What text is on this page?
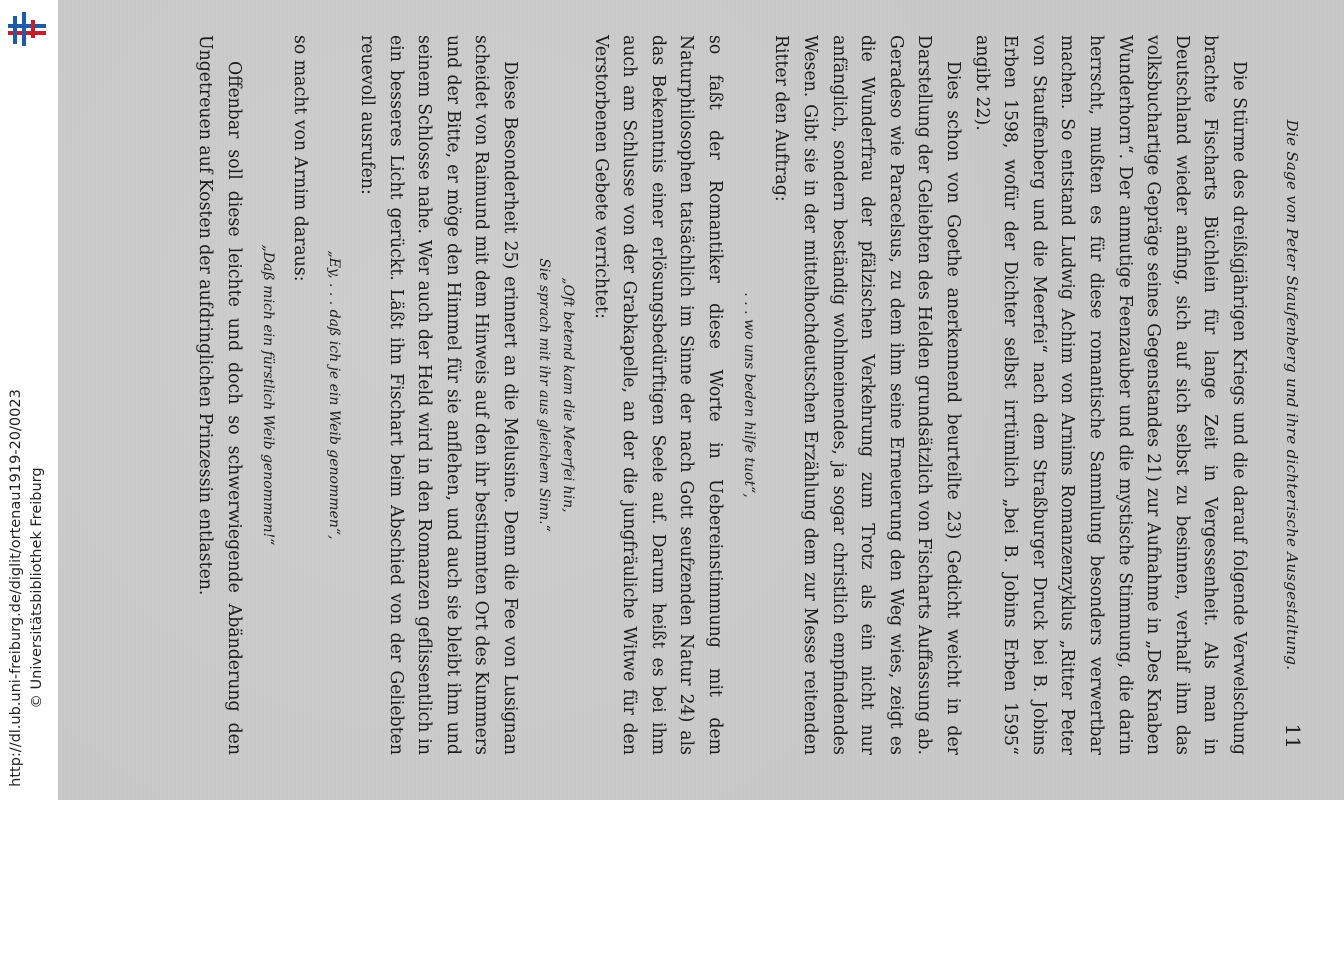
http://dl.ub.uni-freiburg.de/diglit/ortenau1919-20/0023 © Universitätsbibliothek Freiburg	Die Sage von Peter Staufenberg und ihre dichterische Ausgestaltung.
11

Die Stürme des dreißigjährigen Kriegs und die darauf folgende Verwelschung brachte Fischarts Büchlein für lange Zeit in Vergessenheit. Als man in Deutschland wieder anfing, sich auf sich selbst zu besinnen, verhalf ihm das volksbuchartige Gepräge seines Gegenstandes 21) zur Aufnahme in „Des Knaben Wunderhorn“. Der anmutige Feenzauber und die mystische Stimmung, die darin herrscht, mußten es für diese romantische Sammlung besonders verwertbar machen. So entstand Ludwig Achim von Arnims Romanzenzyklus „Ritter Peter von Stauffenberg und die Meerfei“ nach dem Straßburger Druck bei B. Jobins Erben 1598, wofür der Dichter selbst irrtümlich „bei B. Jobins Erben 1595“ angibt 22).

Dies schon von Goethe anerkennend beurteilte 23) Gedicht weicht in der Darstellung der Geliebten des Helden grundsätzlich von Fischarts Auffassung ab. Geradeso wie Paracelsus, zu dem ihm seine Erneuerung den Weg wies, zeigt es die Wunderfrau der pfälzischen Verkehrung zum Trotz als ein nicht nur anfänglich, sondern beständig wohlmeinendes, ja sogar christlich empfindendes Wesen. Gibt sie in der mittelhochdeutschen Erzählung dem zur Messe reitenden Ritter den Auftrag:

. . . wo uns beden hilfe tuot“,

so faßt der Romantiker diese Worte in Uebereinstimmung mit dem Naturphilosophen tatsächlich im Sinne der nach Gott seufzenden Natur 24) als das Bekenntnis einer erlösungsbedürftigen Seele auf. Darum heißt es bei ihm auch am Schlusse von der Grabkapelle, an der die jungfräuliche Witwe für den Verstorbenen Gebete verrichtet:

„Oft betend kam die Meerfei hin,
Sie sprach mit ihr aus gleichem Sinn.“

Diese Besonderheit 25) erinnert an die Melusine. Denn die Fee von Lusignan scheidet von Raimund mit dem Hinweis auf den ihr bestimmten Ort des Kummers und der Bitte, er möge den Himmel für sie anflehen, und auch sie bleibt ihm und seinem Schlosse nahe. Wer auch der Held wird in den Romanzen geflissentlich in ein besseres Licht gerückt. Läßt ihn Fischart beim Abschied von der Geliebten reuevoll ausrufen:

„Ey, . . . daß ich je ein Weib genommen“,

so macht von Arnim daraus:

„Daß mich ein fürstlich Weib genommen!“

Offenbar soll diese leichte und doch so schwerwiegende Abänderung den Ungetreuen auf Kosten der aufdringlichen Prinzessin entlasten.
